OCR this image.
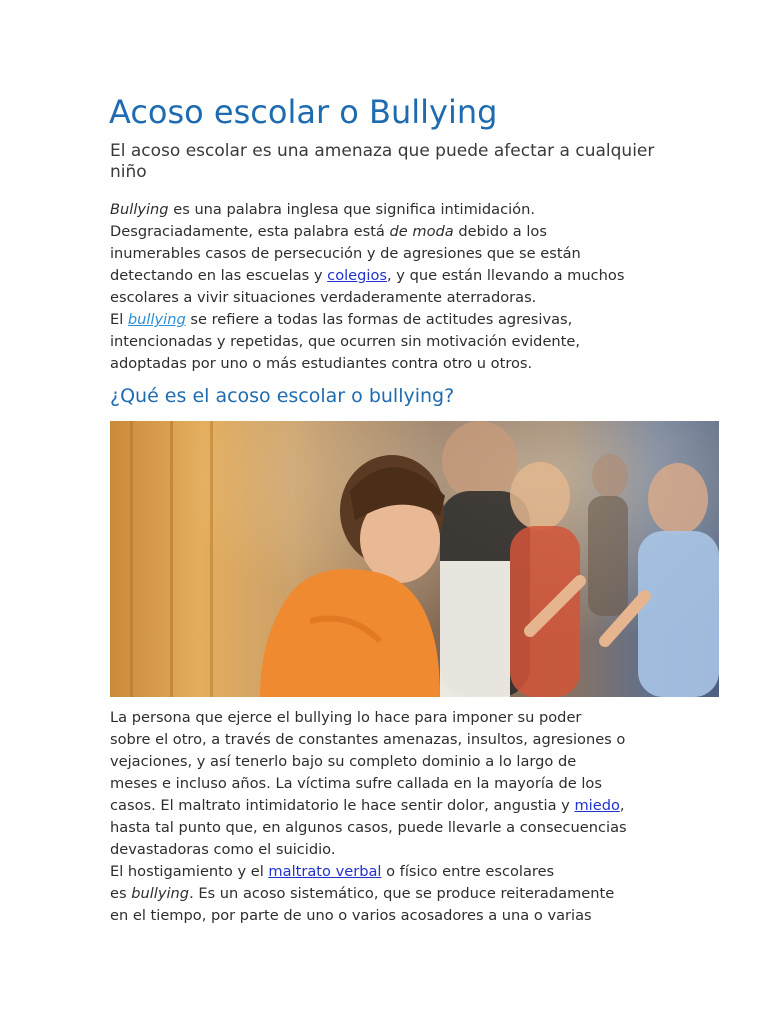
Acoso escolar o Bullying
El acoso escolar es una amenaza que puede afectar a cualquier niño
Bullying es una palabra inglesa que significa intimidación.
Desgraciadamente, esta palabra está de moda debido a los
inumerables casos de persecución y de agresiones que se están
detectando en las escuelas y colegios, y que están llevando a muchos
escolares a vivir situaciones verdaderamente aterradoras.
El bullying se refiere a todas las formas de actitudes agresivas,
intencionadas y repetidas, que ocurren sin motivación evidente,
adoptadas por uno o más estudiantes contra otro u otros.
¿Qué es el acoso escolar o bullying?
La persona que ejerce el bullying lo hace para imponer su poder
sobre el otro, a través de constantes amenazas, insultos, agresiones o
vejaciones, y así tenerlo bajo su completo dominio a lo largo de
meses e incluso años. La víctima sufre callada en la mayoría de los
casos. El maltrato intimidatorio le hace sentir dolor, angustia y miedo,
hasta tal punto que, en algunos casos, puede llevarle a consecuencias
devastadoras como el suicidio.
El hostigamiento y el maltrato verbal o físico entre escolares
es bullying. Es un acoso sistemático, que se produce reiteradamente
en el tiempo, por parte de uno o varios acosadores a una o varias
